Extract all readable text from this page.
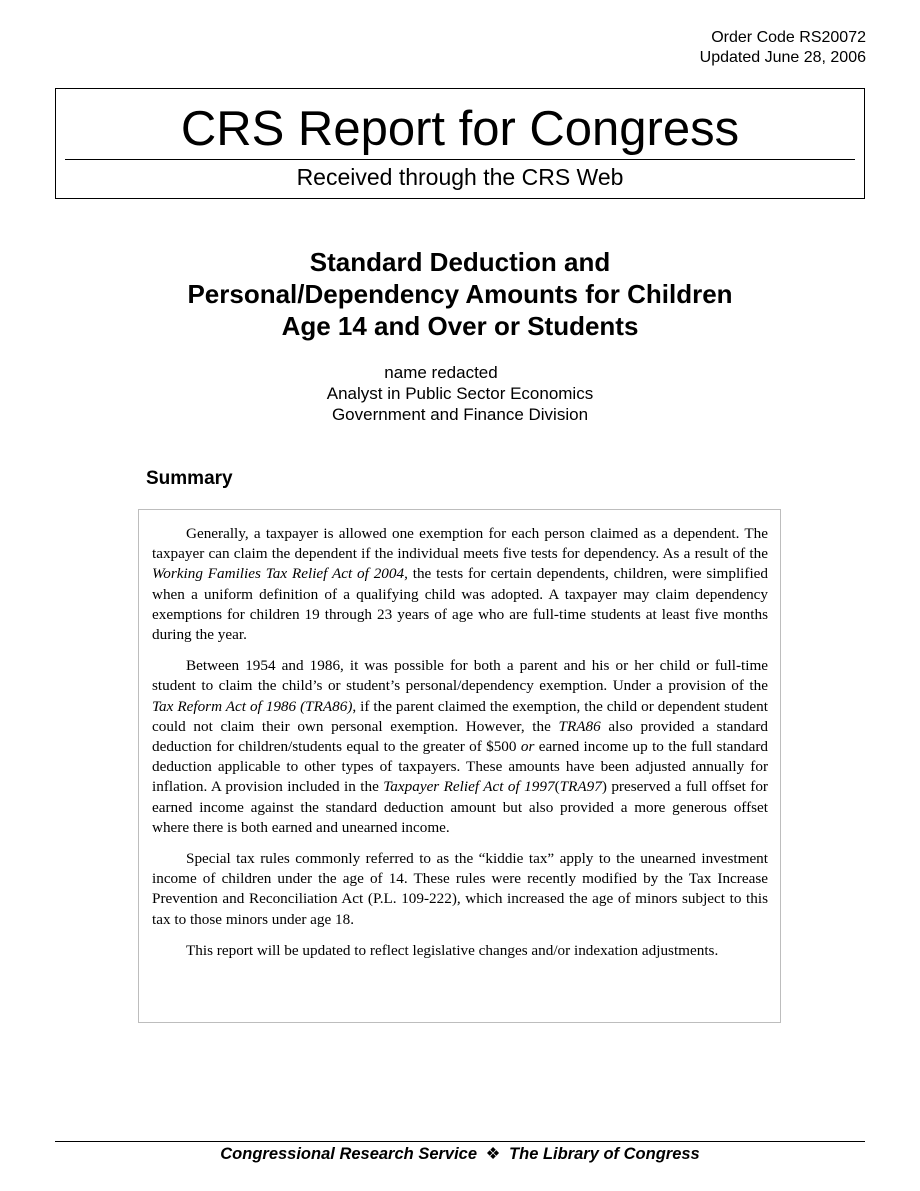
Order Code RS20072
Updated June 28, 2006
CRS Report for Congress
Received through the CRS Web
Standard Deduction and
Personal/Dependency Amounts for Children
Age 14 and Over or Students
name redacted
Analyst in Public Sector Economics
Government and Finance Division
Summary

Generally, a taxpayer is allowed one exemption for each person claimed as a dependent. The taxpayer can claim the dependent if the individual meets five tests for dependency. As a result of the Working Families Tax Relief Act of 2004, the tests for certain dependents, children, were simplified when a uniform definition of a qualifying child was adopted. A taxpayer may claim dependency exemptions for children 19 through 23 years of age who are full-time students at least five months during the year.

Between 1954 and 1986, it was possible for both a parent and his or her child or full-time student to claim the child’s or student’s personal/dependency exemption. Under a provision of the Tax Reform Act of 1986 (TRA86), if the parent claimed the exemption, the child or dependent student could not claim their own personal exemption. However, the TRA86 also provided a standard deduction for children/students equal to the greater of $500 or earned income up to the full standard deduction applicable to other types of taxpayers. These amounts have been adjusted annually for inflation. A provision included in the Taxpayer Relief Act of 1997(TRA97) preserved a full offset for earned income against the standard deduction amount but also provided a more generous offset where there is both earned and unearned income.

Special tax rules commonly referred to as the “kiddie tax” apply to the unearned investment income of children under the age of 14. These rules were recently modified by the Tax Increase Prevention and Reconciliation Act (P.L. 109-222), which increased the age of minors subject to this tax to those minors under age 18.

This report will be updated to reflect legislative changes and/or indexation adjustments.

Congressional Research Service ❖ The Library of Congress
